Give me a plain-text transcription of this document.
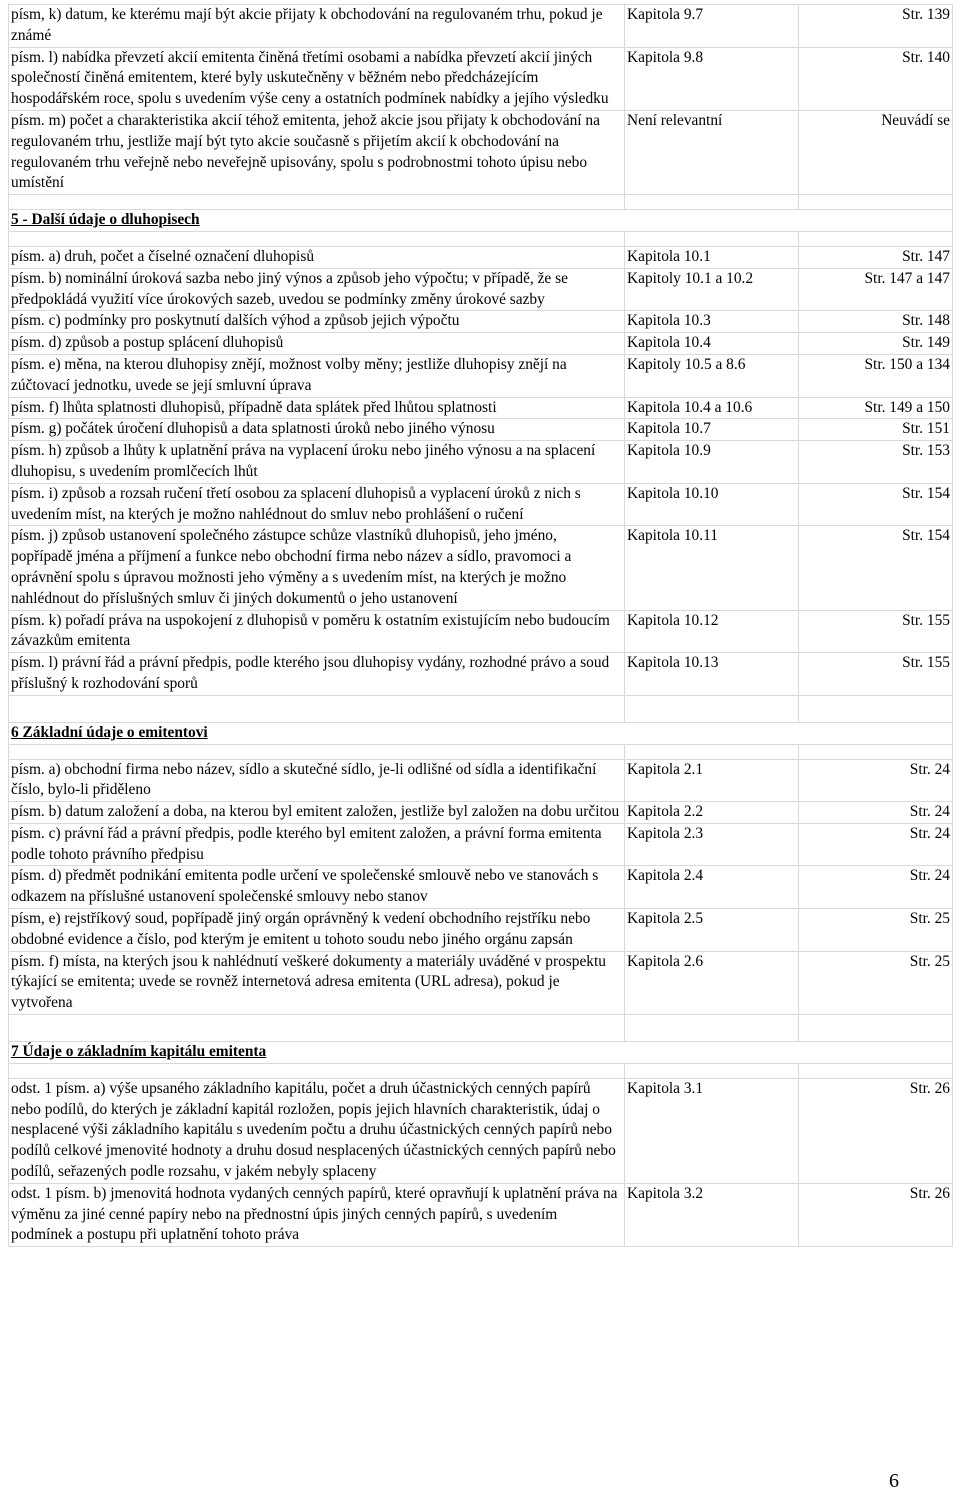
písm, k) datum, ke kterému mají být akcie přijaty k obchodování na regulovaném trhu, pokud je známé	Kapitola 9.7	Str. 139
písm. l) nabídka převzetí akcií emitenta činěná třetími osobami a nabídka převzetí akcií jiných společností činěná emitentem, které byly uskutečněny v běžném nebo předcházejícím hospodářském roce, spolu s uvedením výše ceny a ostatních podmínek nabídky a jejího výsledku	Kapitola 9.8	Str. 140
písm. m) počet a charakteristika akcií téhož emitenta, jehož akcie jsou přijaty k obchodování na regulovaném trhu, jestliže mají být tyto akcie současně s přijetím akcií k obchodování na regulovaném trhu veřejně nebo neveřejně upisovány, spolu s podrobnostmi tohoto úpisu nebo umístění	Není relevantní	Neuvádí se

5 - Další údaje o dluhopisech		

písm. a) druh, počet a číselné označení dluhopisů	Kapitola 10.1	Str. 147
písm. b) nominální úroková sazba nebo jiný výnos a způsob jeho výpočtu; v případě, že se předpokládá využití více úrokových sazeb, uvedou se podmínky změny úrokové sazby	Kapitoly 10.1 a 10.2	Str. 147 a 147
písm. c) podmínky pro poskytnutí dalších výhod a způsob jejich výpočtu	Kapitola 10.3	Str. 148
písm. d) způsob a postup splácení dluhopisů	Kapitola 10.4	Str. 149
písm. e) měna, na kterou dluhopisy znějí, možnost volby měny; jestliže dluhopisy znějí na zúčtovací jednotku, uvede se její smluvní úprava	Kapitoly 10.5 a 8.6	Str. 150 a 134
písm. f) lhůta splatnosti dluhopisů, případně data splátek před lhůtou splatnosti	Kapitola 10.4 a 10.6	Str. 149 a 150
písm. g) počátek úročení dluhopisů a data splatnosti úroků nebo jiného výnosu	Kapitola 10.7	Str. 151
písm. h) způsob a lhůty k uplatnění práva na vyplacení úroku nebo jiného výnosu a na splacení dluhopisu, s uvedením promlčecích lhůt	Kapitola 10.9	Str. 153
písm. i) způsob a rozsah ručení třetí osobou za splacení dluhopisů a vyplacení úroků z nich s uvedením míst, na kterých je možno nahlédnout do smluv nebo prohlášení o ručení	Kapitola 10.10	Str. 154
písm. j) způsob ustanovení společného zástupce schůze vlastníků dluhopisů, jeho jméno, popřípadě jména a příjmení a funkce nebo obchodní firma nebo název a sídlo, pravomoci a oprávnění spolu s úpravou možnosti jeho výměny a s uvedením míst, na kterých je možno nahlédnout do příslušných smluv či jiných dokumentů o jeho ustanovení	Kapitola 10.11	Str. 154
písm. k) pořadí práva na uspokojení z dluhopisů v poměru k ostatním existujícím nebo budoucím závazkům emitenta	Kapitola 10.12	Str. 155
písm. l) právní řád a právní předpis, podle kterého jsou dluhopisy vydány, rozhodné právo a soud příslušný k rozhodování sporů	Kapitola 10.13	Str. 155

6 Základní údaje o emitentovi		

písm. a) obchodní firma nebo název, sídlo a skutečné sídlo, je-li odlišné od sídla a identifikační číslo, bylo-li přiděleno	Kapitola 2.1	Str. 24
písm. b) datum založení a doba, na kterou byl emitent založen, jestliže byl založen na dobu určitou	Kapitola 2.2	Str. 24
písm. c) právní řád a právní předpis, podle kterého byl emitent založen, a právní forma emitenta podle tohoto právního předpisu	Kapitola 2.3	Str. 24
písm. d) předmět podnikání emitenta podle určení ve společenské smlouvě nebo ve stanovách s odkazem na příslušné ustanovení společenské smlouvy nebo stanov	Kapitola 2.4	Str. 24
písm, e) rejstříkový soud, popřípadě jiný orgán oprávněný k vedení obchodního rejstříku nebo obdobné evidence a číslo, pod kterým je emitent u tohoto soudu nebo jiného orgánu zapsán	Kapitola 2.5	Str. 25
písm. f) místa, na kterých jsou k nahlédnutí veškeré dokumenty a materiály uváděné v prospektu týkající se emitenta; uvede se rovněž internetová adresa emitenta (URL adresa), pokud je vytvořena	Kapitola 2.6	Str. 25

7 Údaje o základním kapitálu emitenta		

odst. 1 písm. a) výše upsaného základního kapitálu, počet a druh účastnických cenných papírů nebo podílů, do kterých je základní kapitál rozložen, popis jejich hlavních charakteristik, údaj o nesplacené výši základního kapitálu s uvedením počtu a druhu účastnických cenných papírů nebo podílů celkové jmenovité hodnoty a druhu dosud nesplacených účastnických cenných papírů nebo podílů, seřazených podle rozsahu, v jakém nebyly splaceny	Kapitola 3.1	Str. 26
odst. 1 písm. b) jmenovitá hodnota vydaných cenných papírů, které opravňují k uplatnění práva na výměnu za jiné cenné papíry nebo na přednostní úpis jiných cenných papírů, s uvedením podmínek a postupu při uplatnění tohoto práva	Kapitola 3.2	Str. 26
6
